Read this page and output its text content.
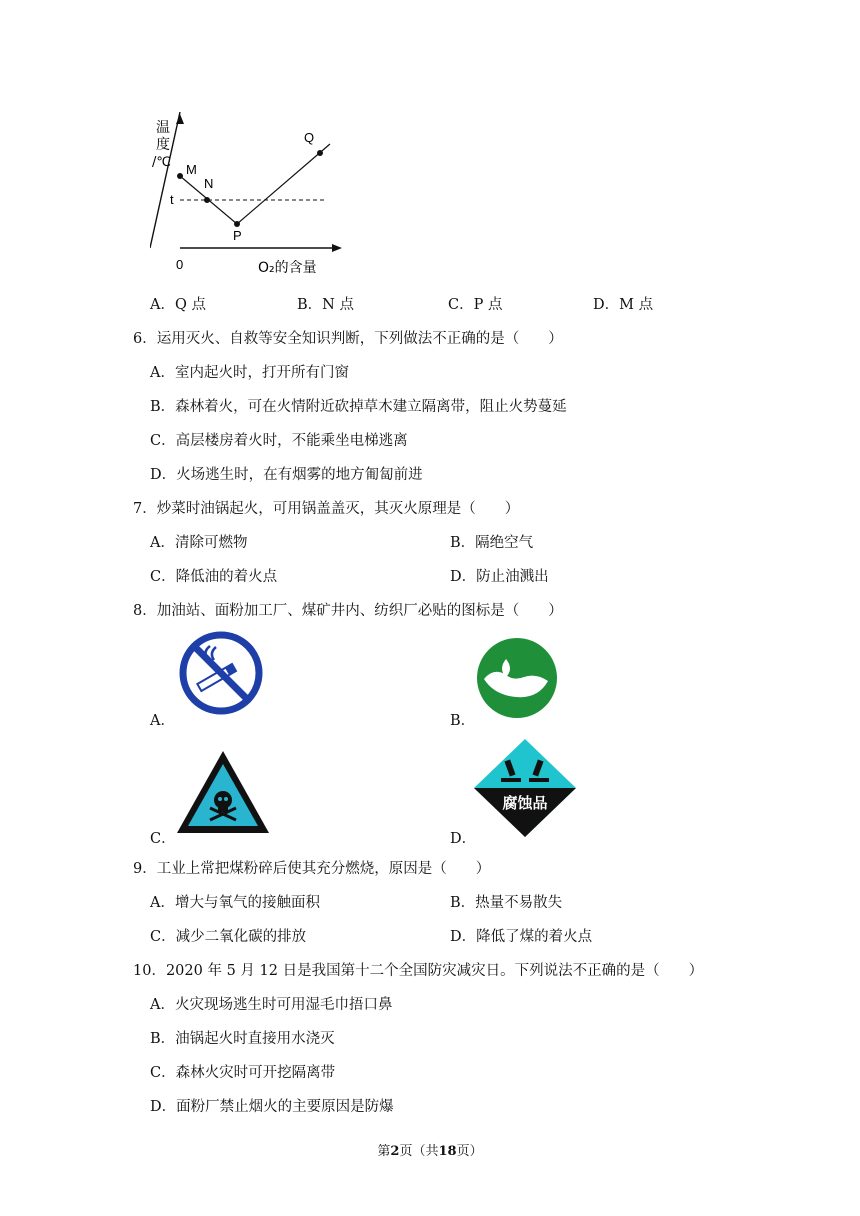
温
度
/℃ M
N
P
Q
t
0	O₂的含量
A．Q 点	B．N 点	C．P 点	D．M 点
6．运用灭火、自救等安全知识判断，下列做法不正确的是（　　）
A．室内起火时，打开所有门窗
B．森林着火，可在火情附近砍掉草木建立隔离带，阻止火势蔓延
C．高层楼房着火时，不能乘坐电梯逃离
D．火场逃生时，在有烟雾的地方匍匐前进
7．炒菜时油锅起火，可用锅盖盖灭，其灭火原理是（　　）
A．清除可燃物	B．隔绝空气
C．降低油的着火点	D．防止油溅出
8．加油站、面粉加工厂、煤矿井内、纺织厂必贴的图标是（　　）
A．	B．
C．	D．
腐蚀品
9．工业上常把煤粉碎后使其充分燃烧，原因是（　　）
A．增大与氧气的接触面积	B．热量不易散失
C．减少二氧化碳的排放	D．降低了煤的着火点
10．2020 年 5 月 12 日是我国第十二个全国防灾减灾日。下列说法不正确的是（　　）
A．火灾现场逃生时可用湿毛巾捂口鼻
B．油锅起火时直接用水浇灭
C．森林火灾时可开挖隔离带
D．面粉厂禁止烟火的主要原因是防爆
第2页（共18页）
